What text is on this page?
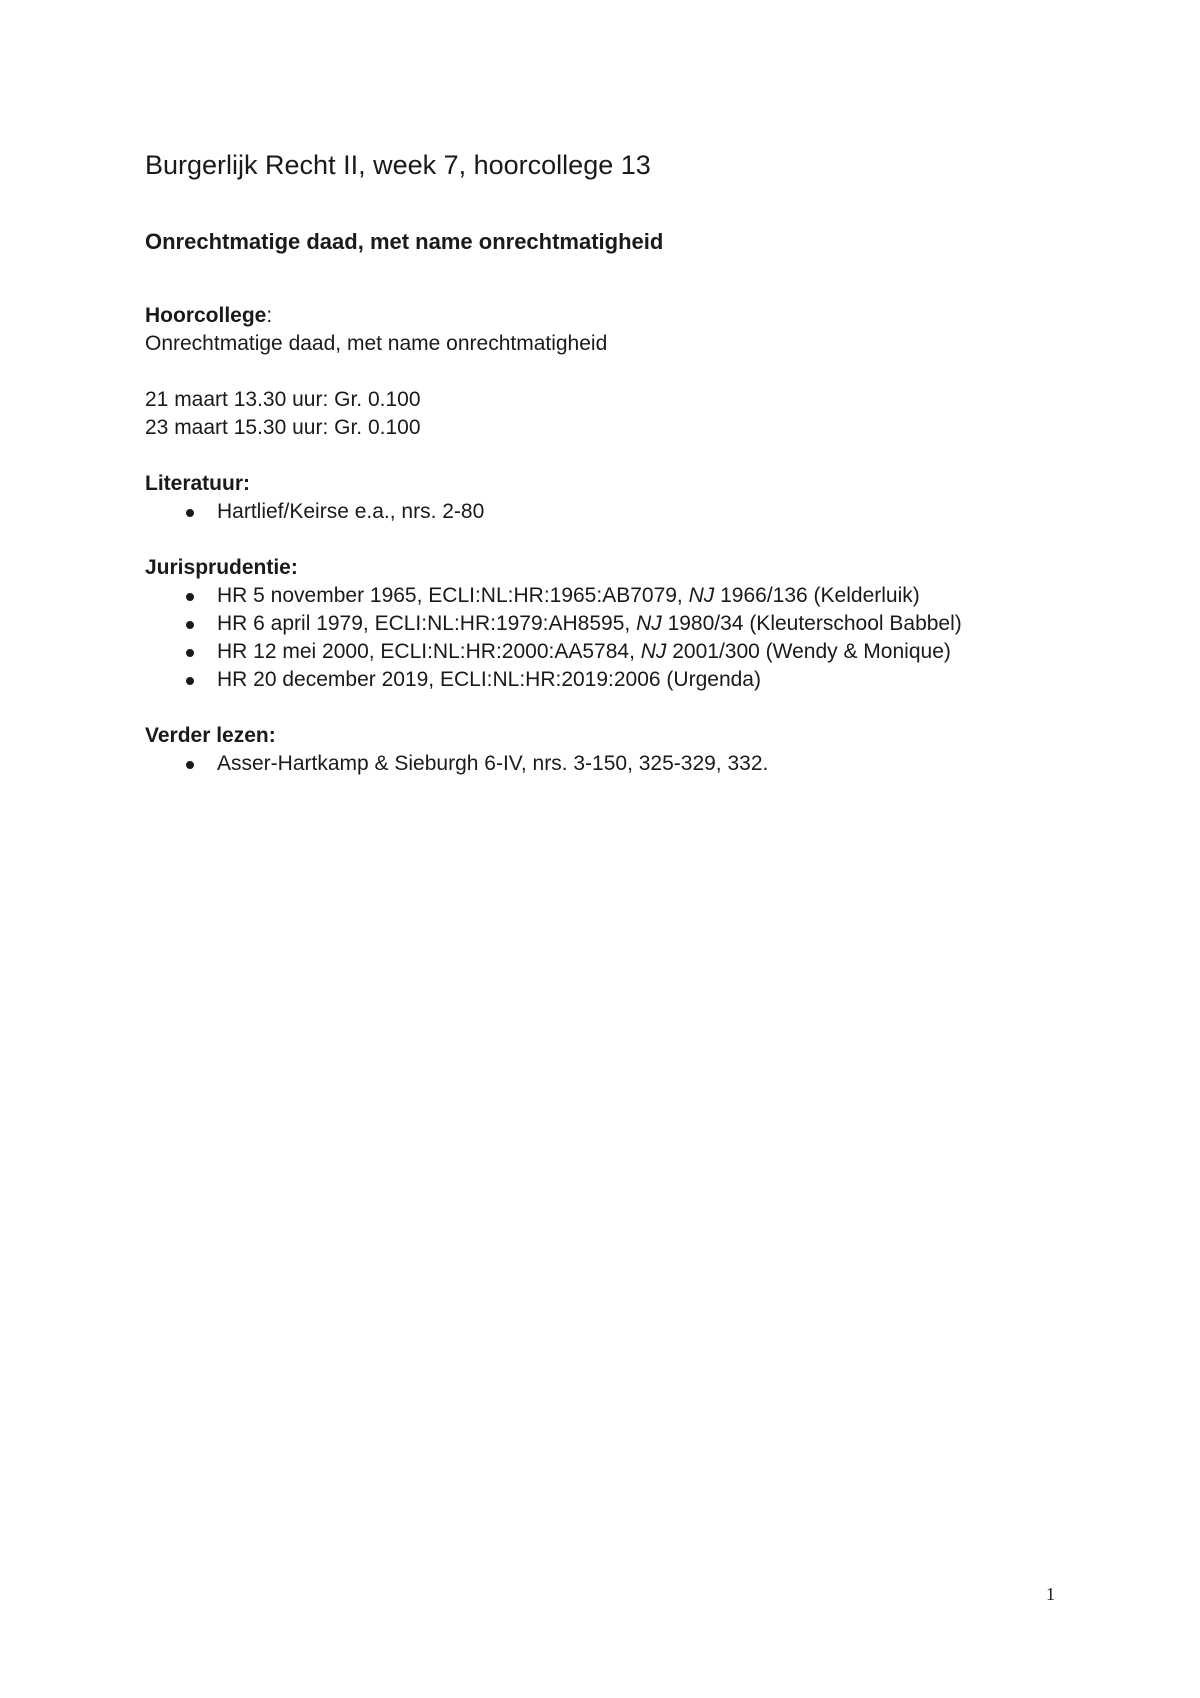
Burgerlijk Recht II, week 7, hoorcollege 13
Onrechtmatige daad, met name onrechtmatigheid
Hoorcollege:
Onrechtmatige daad, met name onrechtmatigheid
21 maart 13.30 uur: Gr. 0.100
23 maart 15.30 uur: Gr. 0.100
Literatuur:
Hartlief/Keirse e.a., nrs. 2-80
Jurisprudentie:
HR 5 november 1965, ECLI:NL:HR:1965:AB7079, NJ 1966/136 (Kelderluik)
HR 6 april 1979, ECLI:NL:HR:1979:AH8595, NJ 1980/34 (Kleuterschool Babbel)
HR 12 mei 2000, ECLI:NL:HR:2000:AA5784, NJ 2001/300 (Wendy & Monique)
HR 20 december 2019, ECLI:NL:HR:2019:2006 (Urgenda)
Verder lezen:
Asser-Hartkamp & Sieburgh 6-IV, nrs. 3-150, 325-329, 332.
1
